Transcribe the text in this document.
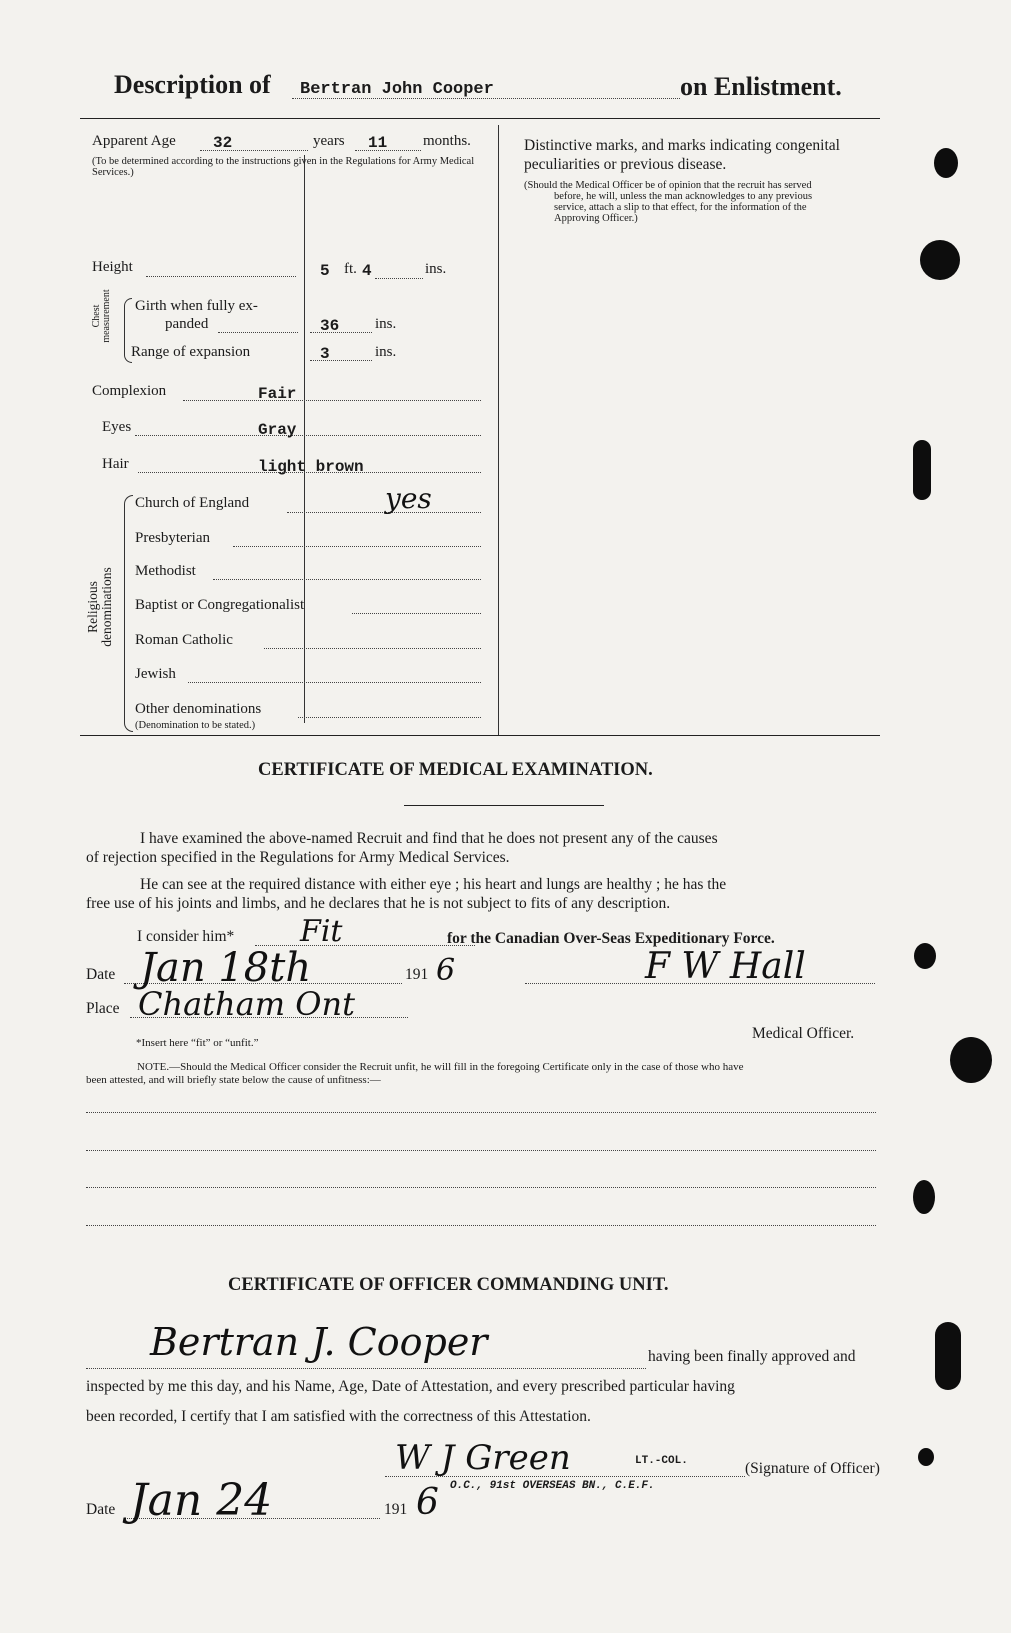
Description of Bertran John Cooper	on Enlistment.
Apparent Age 32	years 11 months.
(To be determined according to the instructions given in the Regulations for Army Medical Services.)
Height	5 ft. 4	ins.
Chest measurement Girth when fully ex-
panded	36 ins.
Range of expansion	3	ins.
Complexion	Fair
Eyes	Gray
Hair	light brown
Religious denominations
Church of England	yes
Presbyterian
Methodist
Baptist or Congregationalist
Roman Catholic
Jewish
Other denominations
(Denomination to be stated.)
Distinctive marks, and marks indicating congenital
peculiarities or previous disease.
(Should the Medical Officer be of opinion that the recruit has served
before, he will, unless the man acknowledges to any previous
service, attach a slip to that effect, for the information of the
Approving Officer.)
CERTIFICATE OF MEDICAL EXAMINATION.
I have examined the above-named Recruit and find that he does not present any of the causes
of rejection specified in the Regulations for Army Medical Services.
He can see at the required distance with either eye ; his heart and lungs are healthy ; he has the
free use of his joints and limbs, and he declares that he is not subject to fits of any description.
I consider him* Fit	for the Canadian Over-Seas Expeditionary Force.
Date Jan 18th	191 6	F W Hall
Place Chatham Ont
*Insert here “fit” or “unfit.”
Medical Officer.
NOTE.—Should the Medical Officer consider the Recruit unfit, he will fill in the foregoing Certificate only in the case of those who have
been attested, and will briefly state below the cause of unfitness:—
CERTIFICATE OF OFFICER COMMANDING UNIT.
Bertran J. Cooper	having been finally approved and
inspected by me this day, and his Name, Age, Date of Attestation, and every prescribed particular having
been recorded, I certify that I am satisfied with the correctness of this Attestation.
W J Green	LT.-COL.	(Signature of Officer)
O.C., 91st OVERSEAS BN., C.E.F.
Date Jan 24	191 6
